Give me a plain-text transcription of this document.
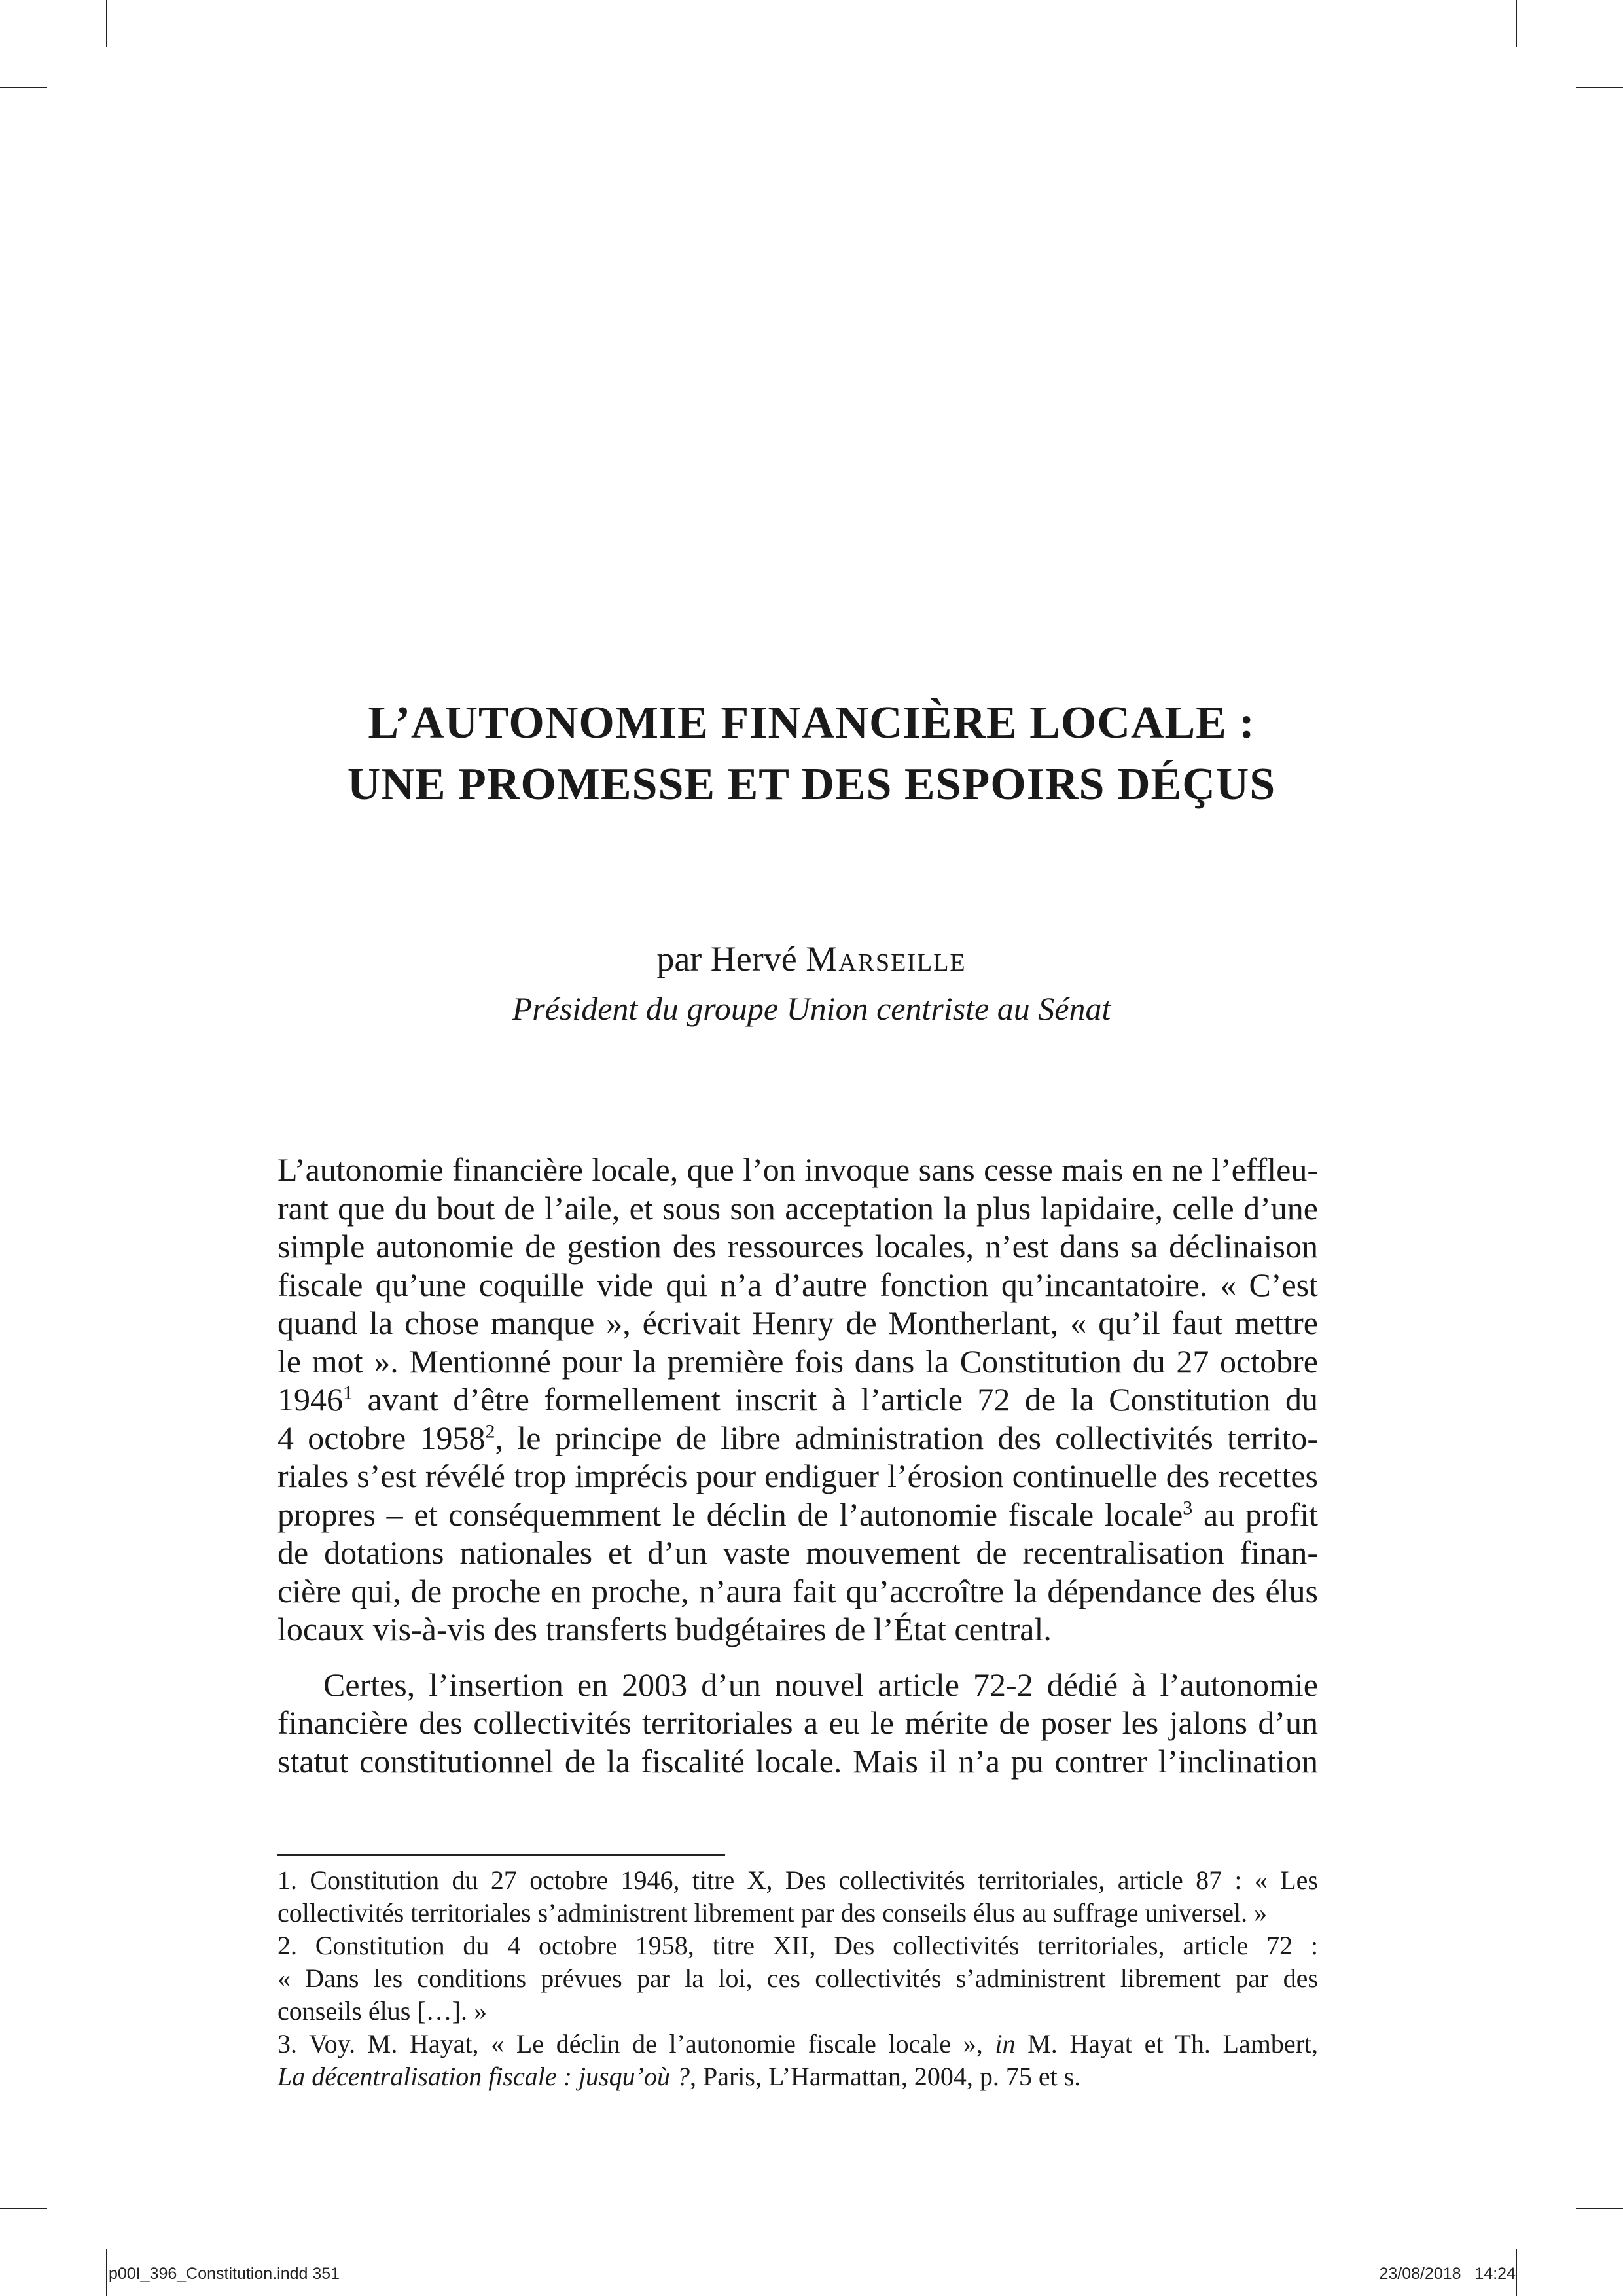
L’AUTONOMIE FINANCIÈRE LOCALE :
UNE PROMESSE ET DES ESPOIRS DÉÇUS
par Hervé Marseille
Président du groupe Union centriste au Sénat
L’autonomie financière locale, que l’on invoque sans cesse mais en ne l’effleu-
rant que du bout de l’aile, et sous son acceptation la plus lapidaire, celle d’une
simple autonomie de gestion des ressources locales, n’est dans sa déclinaison
fiscale qu’une coquille vide qui n’a d’autre fonction qu’incantatoire. « C’est
quand la chose manque », écrivait Henry de Montherlant, « qu’il faut mettre
le mot ». Mentionné pour la première fois dans la Constitution du 27 octobre
1946$^1$ avant d’être formellement inscrit à l’article 72 de la Constitution du
4 octobre 1958$^2$, le principe de libre administration des collectivités territo-
riales s’est révélé trop imprécis pour endiguer l’érosion continuelle des recettes
propres – et conséquemment le déclin de l’autonomie fiscale locale$^3$ au profit
de dotations nationales et d’un vaste mouvement de recentralisation finan-
cière qui, de proche en proche, n’aura fait qu’accroître la dépendance des élus
locaux vis-à-vis des transferts budgétaires de l’État central.
Certes, l’insertion en 2003 d’un nouvel article 72-2 dédié à l’autonomie
financière des collectivités territoriales a eu le mérite de poser les jalons d’un
statut constitutionnel de la fiscalité locale. Mais il n’a pu contrer l’inclination
1. Constitution du 27 octobre 1946, titre X, Des collectivités territoriales, article 87 : « Les
collectivités territoriales s’administrent librement par des conseils élus au suffrage universel. »
2. Constitution du 4 octobre 1958, titre XII, Des collectivités territoriales, article 72 :
« Dans les conditions prévues par la loi, ces collectivités s’administrent librement par des
conseils élus […]. »
3. Voy. M. Hayat, « Le déclin de l’autonomie fiscale locale », in M. Hayat et Th. Lambert,
La décentralisation fiscale : jusqu’où ?, Paris, L’Harmattan, 2004, p. 75 et s.
p00I_396_Constitution.indd 351	23/08/2018   14:24
